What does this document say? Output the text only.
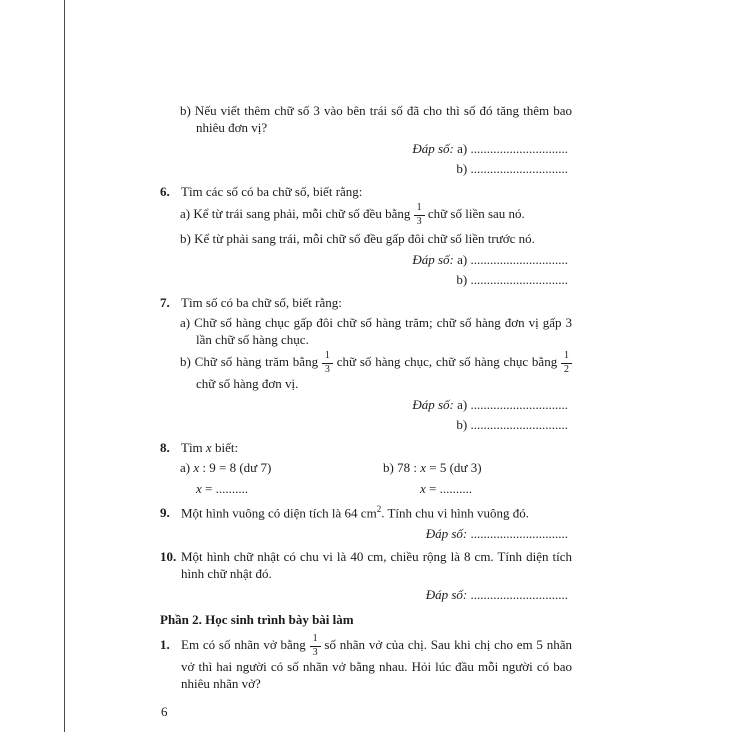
b) Nếu viết thêm chữ số 3 vào bên trái số đã cho thì số đó tăng thêm bao nhiêu đơn vị?

Đáp số: a) ..............................
b) ..............................

6. Tìm các số có ba chữ số, biết rằng:

a) Kể từ trái sang phải, mỗi chữ số đều bằng $\frac{1}{3}$ chữ số liền sau nó.

b) Kể từ phải sang trái, mỗi chữ số đều gấp đôi chữ số liền trước nó.

Đáp số: a) ..............................
b) ..............................

7. Tìm số có ba chữ số, biết rằng:

a) Chữ số hàng chục gấp đôi chữ số hàng trăm; chữ số hàng đơn vị gấp 3 lần chữ số hàng chục.

b) Chữ số hàng trăm bằng $\frac{1}{3}$ chữ số hàng chục, chữ số hàng chục bằng $\frac{1}{2}$
chữ số hàng đơn vị.

Đáp số: a) ..............................
b) ..............................

8. Tìm x biết:

a) x : 9 = 8 (dư 7)	b) 78 : x = 5 (dư 3)
x = ..........	x = ..........

9. Một hình vuông có diện tích là 64 $cm^2$. Tính chu vi hình vuông đó.

Đáp số: ..............................

10. Một hình chữ nhật có chu vi là 40 cm, chiều rộng là 8 cm. Tính diện tích hình chữ nhật đó.

Đáp số: ..............................

Phần 2. Học sinh trình bày bài làm

1. Em có số nhãn vở bằng $\frac{1}{3}$ số nhãn vở của chị. Sau khi chị cho em 5 nhãn vở thì hai người có số nhãn vở bằng nhau. Hỏi lúc đầu mỗi người có bao nhiêu nhãn vở?

6
